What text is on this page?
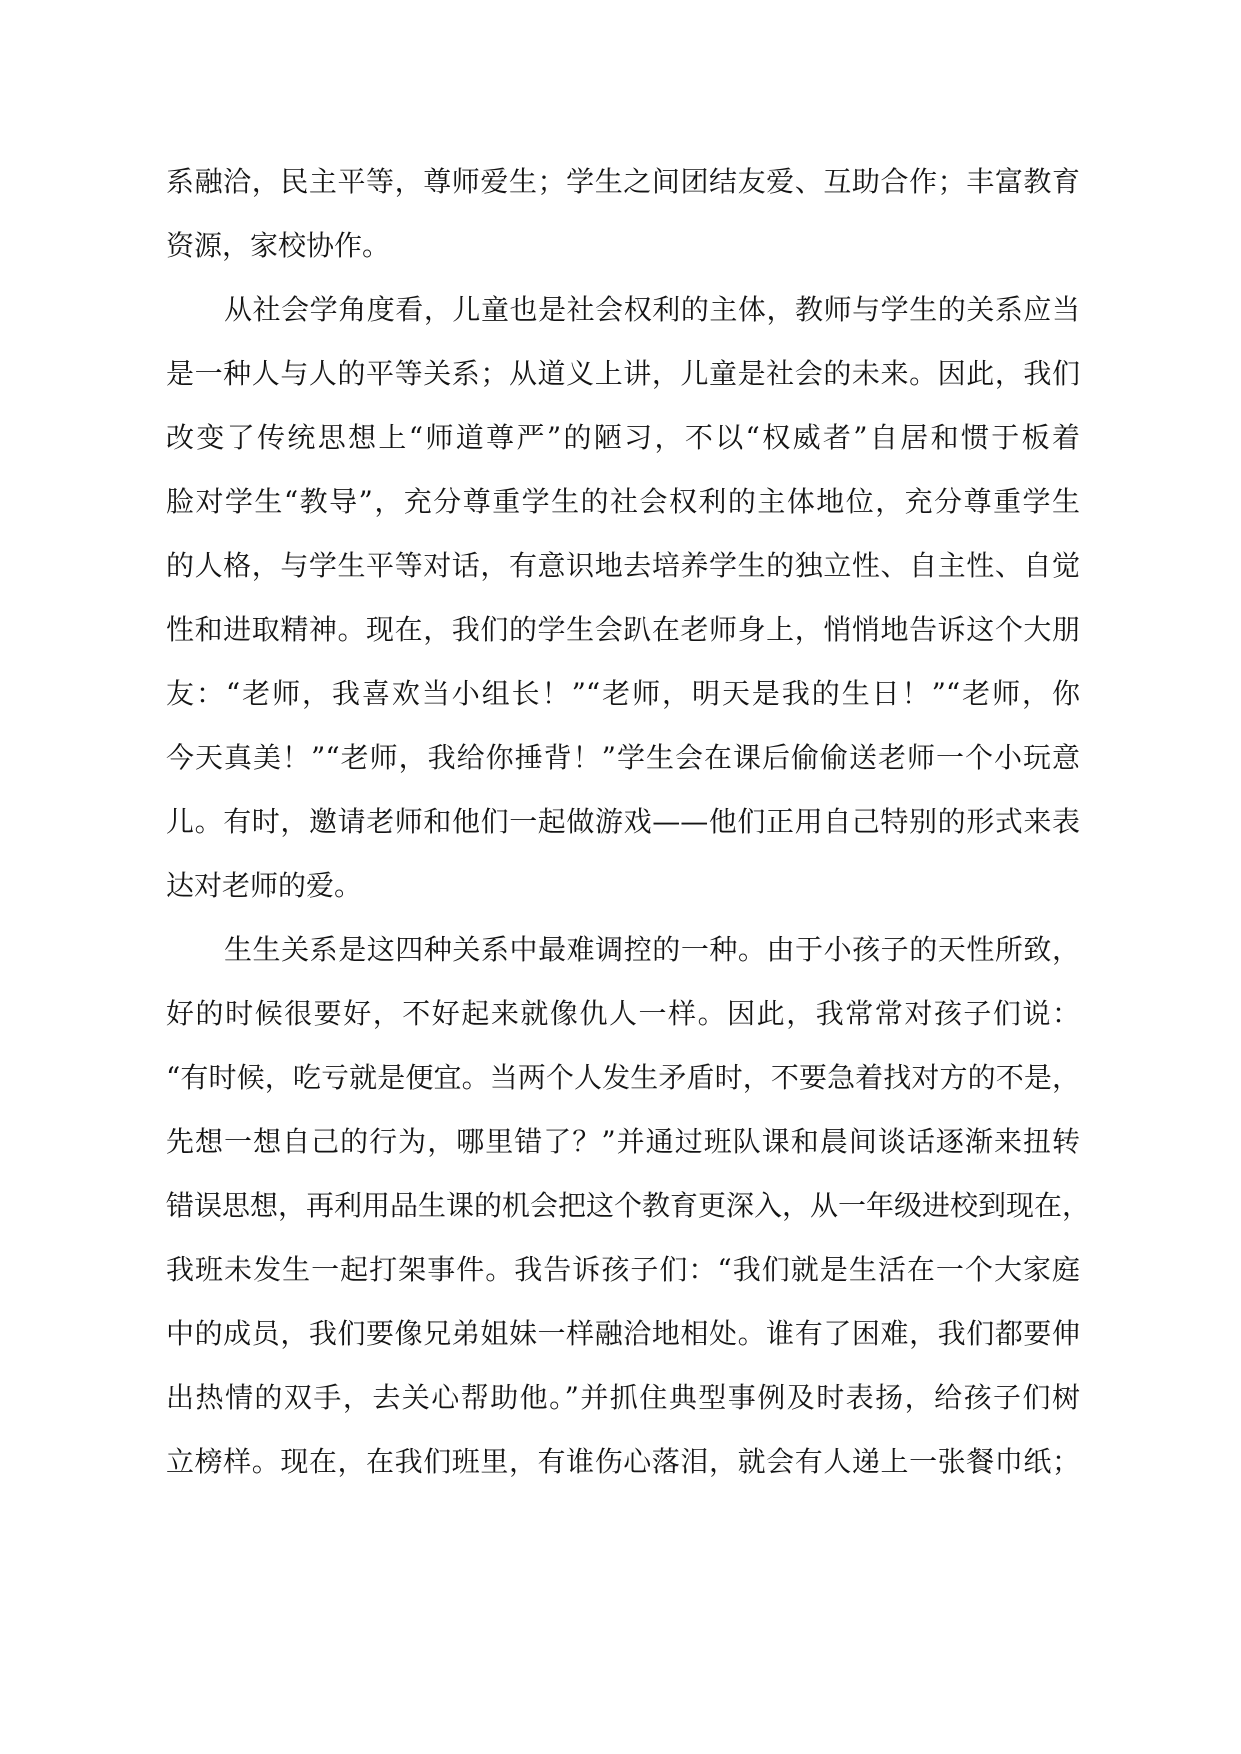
系融洽，民主平等，尊师爱生；学生之间团结友爱、互助合作；丰富教育
资源，家校协作。
从社会学角度看，儿童也是社会权利的主体，教师与学生的关系应当
是一种人与人的平等关系；从道义上讲，儿童是社会的未来。因此，我们
改变了传统思想上“师道尊严”的陋习，不以“权威者”自居和惯于板着
脸对学生“教导”，充分尊重学生的社会权利的主体地位，充分尊重学生
的人格，与学生平等对话，有意识地去培养学生的独立性、自主性、自觉
性和进取精神。现在，我们的学生会趴在老师身上，悄悄地告诉这个大朋
友：“老师，我喜欢当小组长！”“老师，明天是我的生日！”“老师，你
今天真美！”“老师，我给你捶背！”学生会在课后偷偷送老师一个小玩意
儿。有时，邀请老师和他们一起做游戏——他们正用自己特别的形式来表
达对老师的爱。
生生关系是这四种关系中最难调控的一种。由于小孩子的天性所致，
好的时候很要好，不好起来就像仇人一样。因此，我常常对孩子们说：
“有时候，吃亏就是便宜。当两个人发生矛盾时，不要急着找对方的不是，
先想一想自己的行为，哪里错了？”并通过班队课和晨间谈话逐渐来扭转
错误思想，再利用品生课的机会把这个教育更深入，从一年级进校到现在，
我班未发生一起打架事件。我告诉孩子们：“我们就是生活在一个大家庭
中的成员，我们要像兄弟姐妹一样融洽地相处。谁有了困难，我们都要伸
出热情的双手，去关心帮助他。”并抓住典型事例及时表扬，给孩子们树
立榜样。现在，在我们班里，有谁伤心落泪，就会有人递上一张餐巾纸；
